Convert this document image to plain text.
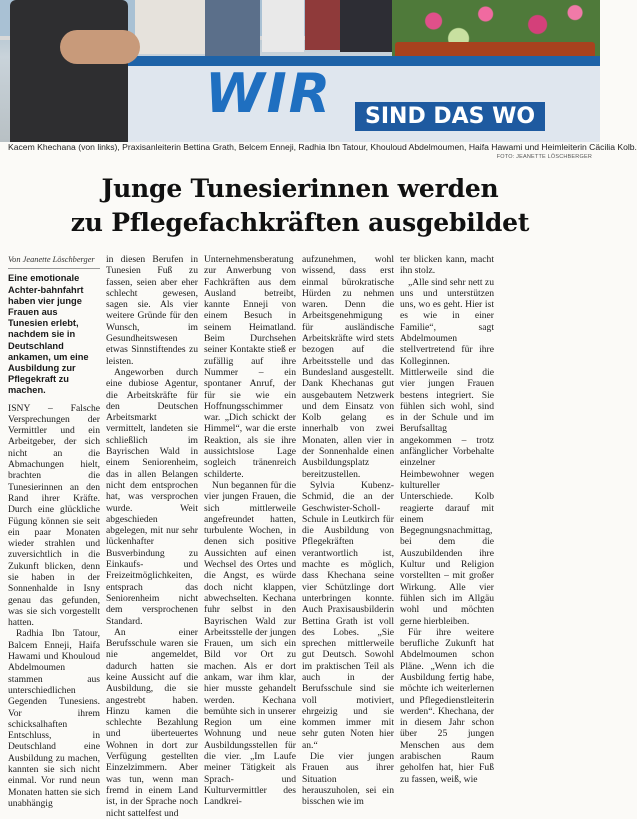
WIR	SIND DAS WO
Kacem Khechana (von links), Praxisanleiterin Bettina Grath, Belcem Enneji, Radhia Ibn Tatour, Khouloud Abdelmoumen, Haifa Hawami und Heimleiterin Cäcilia Kolb.
FOTO: JEANETTE LÖSCHBERGER
Junge Tunesierinnen werden
zu Pflegefachkräften ausgebildet
Von Jeanette Löschberger

Eine emotionale Achter-bahnfahrt haben vier junge Frauen aus Tunesien erlebt, nachdem sie in Deutschland ankamen, um eine Ausbildung zur Pflegekraft zu machen.

ISNY – Falsche Versprechungen der Vermittler und ein Arbeitgeber, der sich nicht an die Abmachungen hielt, brachten die Tunesierinnen an den Rand ihrer Kräfte. Durch eine glückliche Fügung können sie seit ein paar Monaten wieder strahlen und zuversichtlich in die Zukunft blicken, denn sie haben in der Sonnenhalde in Isny genau das gefunden, was sie sich vorgestellt hatten.

Radhia Ibn Tatour, Balcem Enneji, Haifa Hawami und Khouloud Abdelmoumen stammen aus unterschiedlichen Gegenden Tunesiens. Vor ihrem schicksalhaften Entschluss, in Deutschland eine Ausbildung zu machen, kannten sie sich nicht einmal. Vor rund neun Monaten hatten sie sich unabhängig

in diesen Berufen in Tunesien Fuß zu fassen, seien aber eher schlecht gewesen, sagen sie. Als vier weitere Gründe für den Wunsch, im Gesundheitswesen etwas Sinnstiftendes zu leisten.

Angeworben durch eine dubiose Agentur, die Arbeitskräfte für den Deutschen Arbeitsmarkt vermittelt, landeten sie schließlich im Bayrischen Wald in einem Seniorenheim, das in allen Belangen nicht dem entsprochen hat, was versprochen wurde. Weit abgeschieden abgelegen, mit nur sehr lückenhafter Busverbindung zu Einkaufs- und Freizeitmöglichkeiten, entsprach das Seniorenheim nicht dem versprochenen Standard.

An einer Berufsschule waren sie nie angemeldet, dadurch hatten sie keine Aussicht auf die Ausbildung, die sie angestrebt haben. Hinzu kamen die schlechte Bezahlung und überteuertes Wohnen in dort zur Verfügung gestellten Einzelzimmern. Aber was tun, wenn man fremd in einem Land ist, in der Sprache noch nicht sattelfest und

Unternehmensberatung zur Anwerbung von Fachkräften aus dem Ausland betreibt, kannte Enneji von einem Besuch in seinem Heimatland. Beim Durchsehen seiner Kontakte stieß er zufällig auf ihre Nummer – ein spontaner Anruf, der für sie wie ein Hoffnungsschimmer war. „Dich schickt der Himmel“, war die erste Reaktion, als sie ihre aussichtslose Lage sogleich tränenreich schilderte.

Nun begannen für die vier jungen Frauen, die sich mittlerweile angefreundet hatten, turbulente Wochen, in denen sich positive Aussichten auf einen Wechsel des Ortes und die Angst, es würde doch nicht klappen, abwechselten. Kechana fuhr selbst in den Bayrischen Wald zur Arbeitsstelle der jungen Frauen, um sich ein Bild vor Ort zu machen. Als er dort ankam, war ihm klar, hier musste gehandelt werden. Kechana bemühte sich in unserer Region um eine Wohnung und neue Ausbildungsstellen für die vier. „Im Laufe meiner Tätigkeit als Sprach- und Kulturvermittler des Landkrei-

aufzunehmen, wohl wissend, dass erst einmal bürokratische Hürden zu nehmen waren. Denn die Arbeitsgenehmigung für ausländische Arbeitskräfte wird stets bezogen auf die Arbeitsstelle und das Bundesland ausgestellt. Dank Khechanas gut ausgebautem Netzwerk und dem Einsatz von Kolb gelang es innerhalb von zwei Monaten, allen vier in der Sonnenhalde einen Ausbildungsplatz bereitzustellen.

Sylvia Kubenz-Schmid, die an der Geschwister-Scholl-Schule in Leutkirch für die Ausbildung von Pflegekräften verantwortlich ist, machte es möglich, dass Khechana seine vier Schützlinge dort unterbringen konnte. Auch Praxisausbilderin Bettina Grath ist voll des Lobes. „Sie sprechen mittlerweile gut Deutsch. Sowohl im praktischen Teil als auch in der Berufsschule sind sie voll motiviert, ehrgeizig und sie kommen immer mit sehr guten Noten hier an.“

Die vier jungen Frauen aus ihrer Situation herauszuholen, sei ein bisschen wie im

ter blicken kann, macht ihn stolz.

„Alle sind sehr nett zu uns und unterstützen uns, wo es geht. Hier ist es wie in einer Familie“, sagt Abdelmoumen stellvertretend für ihre Kolleginnen. Mittlerweile sind die vier jungen Frauen bestens integriert. Sie fühlen sich wohl, sind in der Schule und im Berufsalltag angekommen – trotz anfänglicher Vorbehalte einzelner Heimbewohner wegen kultureller Unterschiede. Kolb reagierte darauf mit einem Begegnungsnachmittag, bei dem die Auszubildenden ihre Kultur und Religion vorstellten – mit großer Wirkung. Alle vier fühlen sich im Allgäu wohl und möchten gerne hierbleiben.

Für ihre weitere berufliche Zukunft hat Abdelmoumen schon Pläne. „Wenn ich die Ausbildung fertig habe, möchte ich weiterlernen und Pflegedienstleiterin werden“. Khechana, der in diesem Jahr schon über 25 jungen Menschen aus dem arabischen Raum geholfen hat, hier Fuß zu fassen, weiß, wie
